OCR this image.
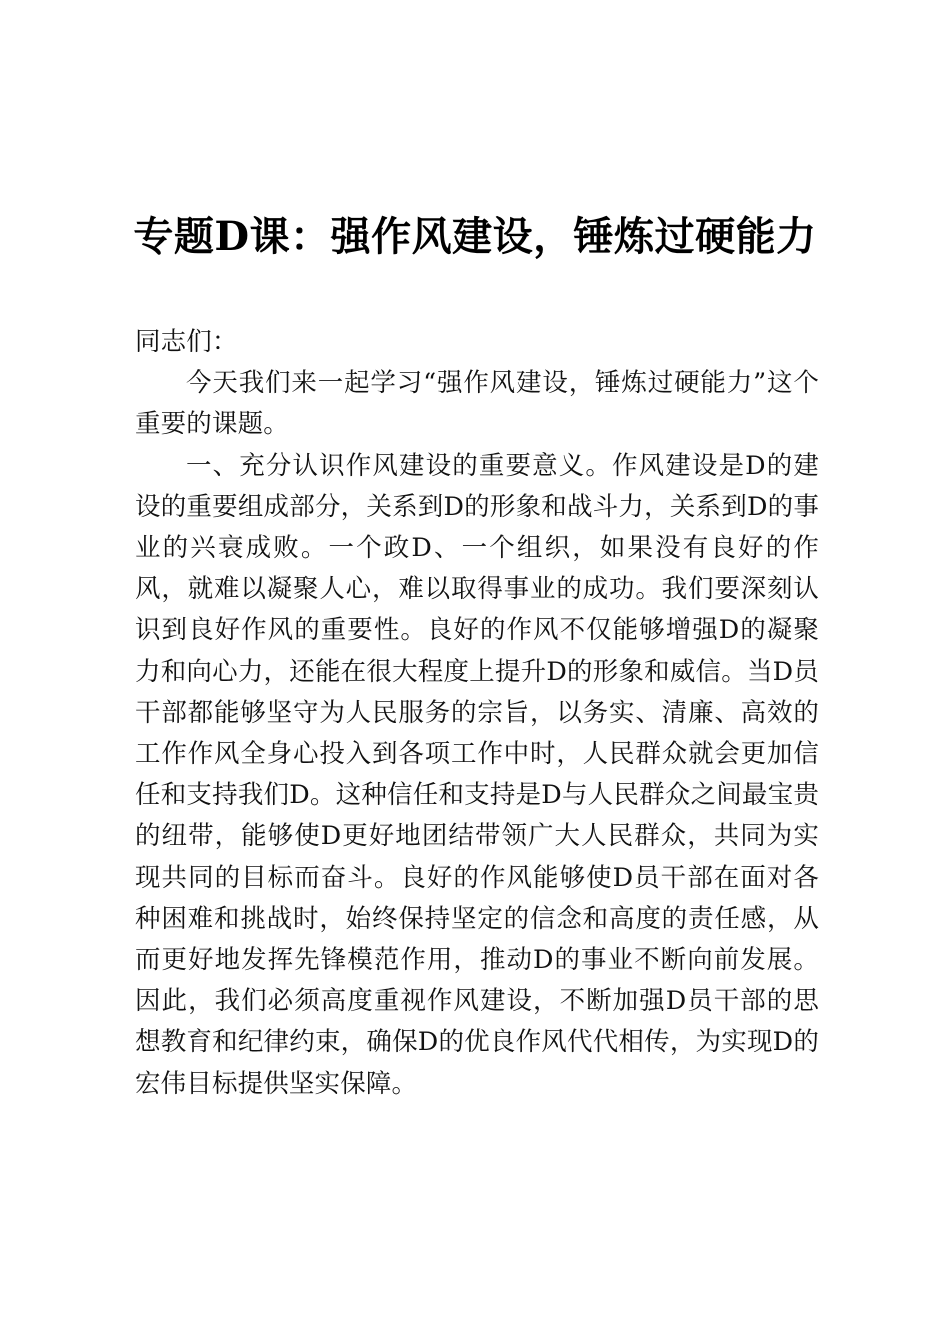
专题D课：强作风建设，锤炼过硬能力

同志们：

今天我们来一起学习“强作风建设，锤炼过硬能力”这个重要的课题。

一、充分认识作风建设的重要意义。作风建设是D的建设的重要组成部分，关系到D的形象和战斗力，关系到D的事业的兴衰成败。一个政D、一个组织，如果没有良好的作风，就难以凝聚人心，难以取得事业的成功。我们要深刻认识到良好作风的重要性。良好的作风不仅能够增强D的凝聚力和向心力，还能在很大程度上提升D的形象和威信。当D员干部都能够坚守为人民服务的宗旨，以务实、清廉、高效的工作作风全身心投入到各项工作中时，人民群众就会更加信任和支持我们D。这种信任和支持是D与人民群众之间最宝贵的纽带，能够使D更好地团结带领广大人民群众，共同为实现共同的目标而奋斗。良好的作风能够使D员干部在面对各种困难和挑战时，始终保持坚定的信念和高度的责任感，从而更好地发挥先锋模范作用，推动D的事业不断向前发展。因此，我们必须高度重视作风建设，不断加强D员干部的思想教育和纪律约束，确保D的优良作风代代相传，为实现D的宏伟目标提供坚实保障。
